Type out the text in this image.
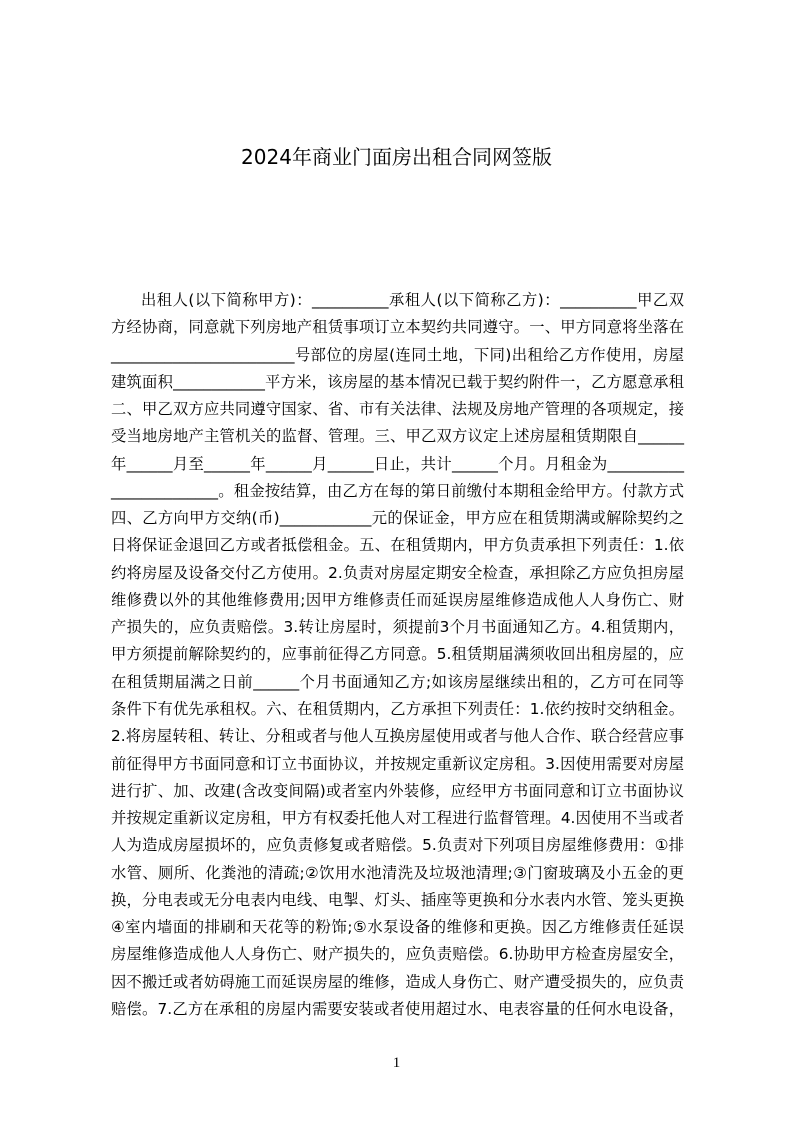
2024年商业门面房出租合同网签版
出租人(以下简称甲方)：__________承租人(以下简称乙方)：__________甲乙双
方经协商，同意就下列房地产租赁事项订立本契约共同遵守。一、甲方同意将坐落在
________________________号部位的房屋(连同土地，下同)出租给乙方作使用，房屋
建筑面积____________平方米，该房屋的基本情况已载于契约附件一，乙方愿意承租
二、甲乙双方应共同遵守国家、省、市有关法律、法规及房地产管理的各项规定，接
受当地房地产主管机关的监督、管理。三、甲乙双方议定上述房屋租赁期限自______
年______月至______年______月______日止，共计______个月。月租金为__________
______________。租金按结算，由乙方在每的第日前缴付本期租金给甲方。付款方式
四、乙方向甲方交纳(币)____________元的保证金，甲方应在租赁期满或解除契约之
日将保证金退回乙方或者抵偿租金。五、在租赁期内，甲方负责承担下列责任：1.依
约将房屋及设备交付乙方使用。2.负责对房屋定期安全检查，承担除乙方应负担房屋
维修费以外的其他维修费用;因甲方维修责任而延误房屋维修造成他人人身伤亡、财
产损失的，应负责赔偿。3.转让房屋时，须提前3个月书面通知乙方。4.租赁期内，
甲方须提前解除契约的，应事前征得乙方同意。5.租赁期届满须收回出租房屋的，应
在租赁期届满之日前______个月书面通知乙方;如该房屋继续出租的，乙方可在同等
条件下有优先承租权。六、在租赁期内，乙方承担下列责任：1.依约按时交纳租金。
2.将房屋转租、转让、分租或者与他人互换房屋使用或者与他人合作、联合经营应事
前征得甲方书面同意和订立书面协议，并按规定重新议定房租。3.因使用需要对房屋
进行扩、加、改建(含改变间隔)或者室内外装修，应经甲方书面同意和订立书面协议
并按规定重新议定房租，甲方有权委托他人对工程进行监督管理。4.因使用不当或者
人为造成房屋损坏的，应负责修复或者赔偿。5.负责对下列项目房屋维修费用：①排
水管、厕所、化粪池的清疏;②饮用水池清洗及垃圾池清理;③门窗玻璃及小五金的更
换，分电表或无分电表内电线、电掣、灯头、插座等更换和分水表内水管、笼头更换
④室内墙面的排刷和天花等的粉饰;⑤水泵设备的维修和更换。因乙方维修责任延误
房屋维修造成他人人身伤亡、财产损失的，应负责赔偿。6.协助甲方检查房屋安全，
因不搬迁或者妨碍施工而延误房屋的维修，造成人身伤亡、财产遭受损失的，应负责
赔偿。7.乙方在承租的房屋内需要安装或者使用超过水、电表容量的任何水电设备，
1
